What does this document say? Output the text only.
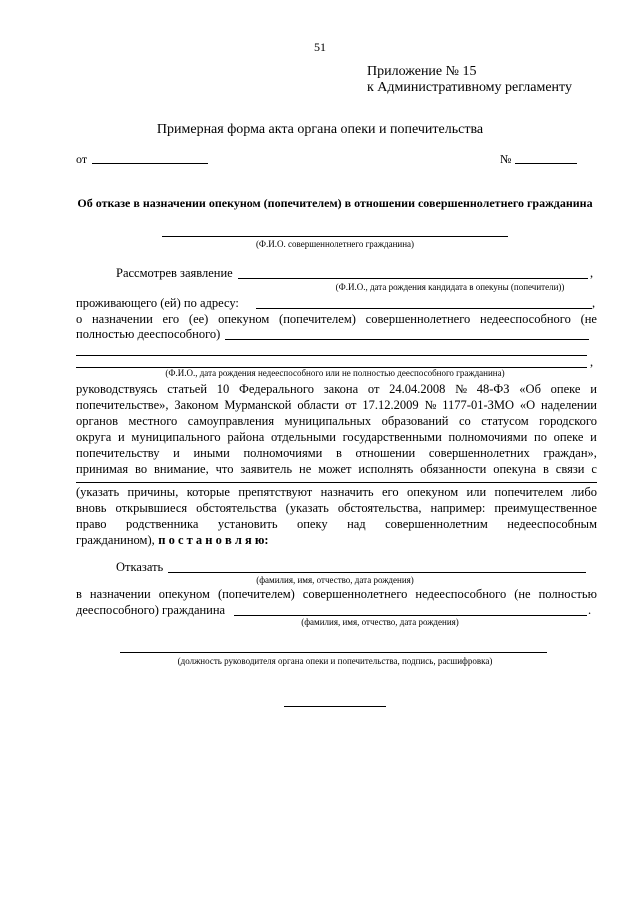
51
Приложение № 15
к Административному регламенту
Примерная форма акта органа опеки и попечительства
от	№
Об отказе в назначении опекуном (попечителем) в отношении совершеннолетнего гражданина
(Ф.И.О. совершеннолетнего гражданина)
Рассмотрев заявление	,
(Ф.И.О., дата рождения кандидата в опекуны (попечители))
проживающего (ей) по адресу:	,
о назначении его (ее) опекуном (попечителем) совершеннолетнего недееспособного (не
полностью дееспособного)
,
(Ф.И.О., дата рождения недееспособного или не полностью дееспособного гражданина)
руководствуясь статьей 10 Федерального закона от 24.04.2008 № 48-ФЗ «Об опеке и
попечительстве», Законом Мурманской области от 17.12.2009 № 1177-01-ЗМО «О наделении
органов местного самоуправления муниципальных образований со статусом городского
округа и муниципального района отдельными государственными полномочиями по опеке и
попечительству и иными полномочиями в отношении совершеннолетних граждан»,
принимая во внимание, что заявитель не может исполнять обязанности опекуна в связи с
(указать причины, которые препятствуют назначить его опекуном или попечителем либо
вновь открывшиеся обстоятельства (указать обстоятельства, например: преимущественное
право родственника установить опеку над совершеннолетним недееспособным
гражданином), п о с т а н о в л я ю:
Отказать
(фамилия, имя, отчество, дата рождения)
в назначении опекуном (попечителем) совершеннолетнего недееспособного (не полностью
дееспособного) гражданина	.
(фамилия, имя, отчество, дата рождения)
(должность руководителя органа опеки и попечительства, подпись, расшифровка)
